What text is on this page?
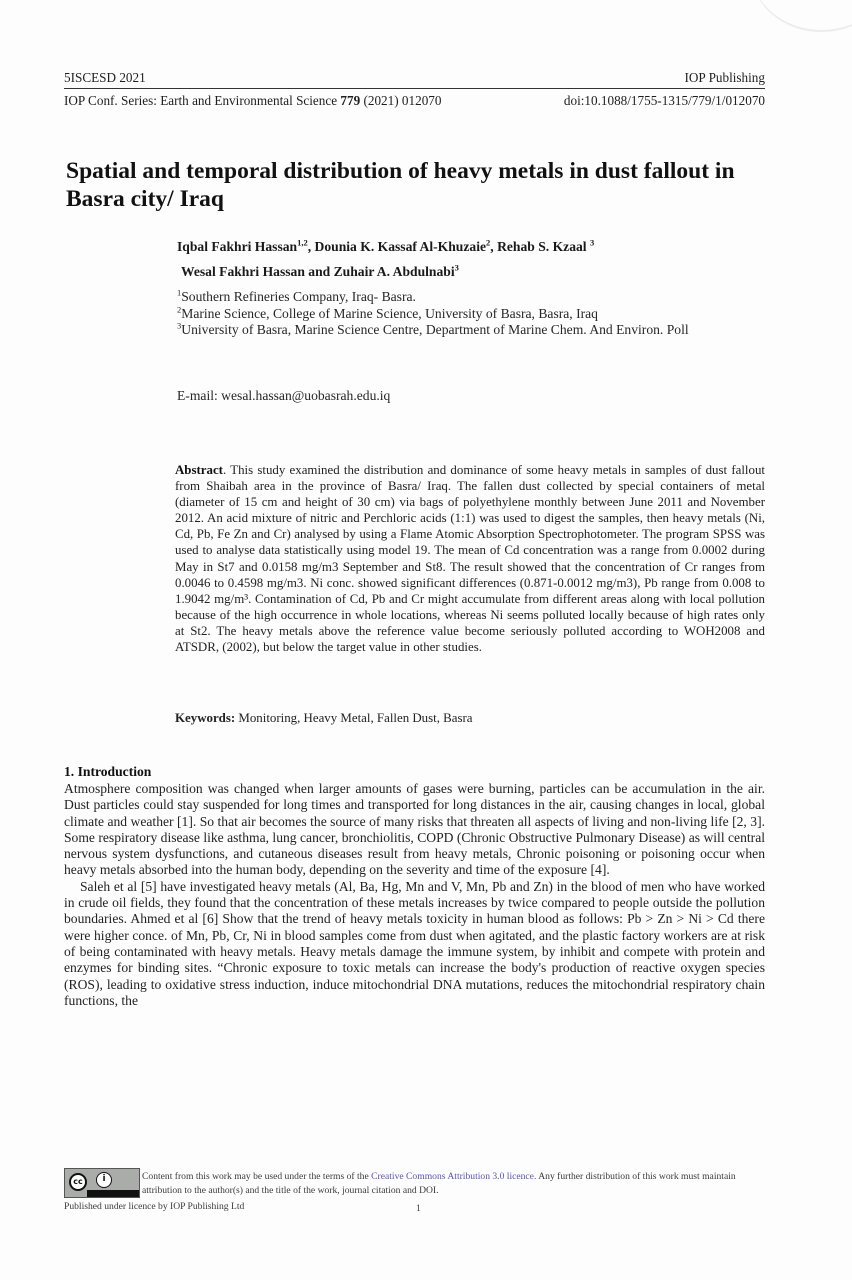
5ISCESD 2021	IOP Publishing
IOP Conf. Series: Earth and Environmental Science 779 (2021) 012070	doi:10.1088/1755-1315/779/1/012070
Spatial and temporal distribution of heavy metals in dust fallout in Basra city/ Iraq
Iqbal Fakhri Hassan$^{1,2}$, Dounia K. Kassaf Al-Khuzaie$^2$, Rehab S. Kzaal $^3$
Wesal Fakhri Hassan and Zuhair A. Abdulnabi$^3$
$^1$Southern Refineries Company, Iraq- Basra.
$^2$Marine Science, College of Marine Science, University of Basra, Basra, Iraq
$^3$University of Basra, Marine Science Centre, Department of Marine Chem. And Environ. Poll
E-mail: wesal.hassan@uobasrah.edu.iq
Abstract. This study examined the distribution and dominance of some heavy metals in samples of dust fallout from Shaibah area in the province of Basra/ Iraq. The fallen dust collected by special containers of metal (diameter of 15 cm and height of 30 cm) via bags of polyethylene monthly between June 2011 and November 2012. An acid mixture of nitric and Perchloric acids (1:1) was used to digest the samples, then heavy metals (Ni, Cd, Pb, Fe Zn and Cr) analysed by using a Flame Atomic Absorption Spectrophotometer. The program SPSS was used to analyse data statistically using model 19. The mean of Cd concentration was a range from 0.0002 during May in St7 and 0.0158 mg/m3 September and St8. The result showed that the concentration of Cr ranges from 0.0046 to 0.4598 mg/m3. Ni conc. showed significant differences (0.871-0.0012 mg/m3), Pb range from 0.008 to 1.9042 mg/m³. Contamination of Cd, Pb and Cr might accumulate from different areas along with local pollution because of the high occurrence in whole locations, whereas Ni seems polluted locally because of high rates only at St2. The heavy metals above the reference value become seriously polluted according to WOH2008 and ATSDR, (2002), but below the target value in other studies.
Keywords: Monitoring, Heavy Metal, Fallen Dust, Basra
1. Introduction

Atmosphere composition was changed when larger amounts of gases were burning, particles can be accumulation in the air. Dust particles could stay suspended for long times and transported for long distances in the air, causing changes in local, global climate and weather [1]. So that air becomes the source of many risks that threaten all aspects of living and non-living life [2, 3]. Some respiratory disease like asthma, lung cancer, bronchiolitis, COPD (Chronic Obstructive Pulmonary Disease) as will central nervous system dysfunctions, and cutaneous diseases result from heavy metals, Chronic poisoning or poisoning occur when heavy metals absorbed into the human body, depending on the severity and time of the exposure [4].

Saleh et al [5] have investigated heavy metals (Al, Ba, Hg, Mn and V, Mn, Pb and Zn) in the blood of men who have worked in crude oil fields, they found that the concentration of these metals increases by twice compared to people outside the pollution boundaries. Ahmed et al [6] Show that the trend of heavy metals toxicity in human blood as follows: Pb > Zn > Ni > Cd there were higher conce. of Mn, Pb, Cr, Ni in blood samples come from dust when agitated, and the plastic factory workers are at risk of being contaminated with heavy metals. Heavy metals damage the immune system, by inhibit and compete with protein and enzymes for binding sites. “Chronic exposure to toxic metals can increase the body's production of reactive oxygen species (ROS), leading to oxidative stress induction, induce mitochondrial DNA mutations, reduces the mitochondrial respiratory chain functions, the

cc	i	Content from this work may be used under the terms of the Creative Commons Attribution 3.0 licence. Any further distribution of this work must maintain attribution to the author(s) and the title of the work, journal citation and DOI.
Published under licence by IOP Publishing Ltd	1
